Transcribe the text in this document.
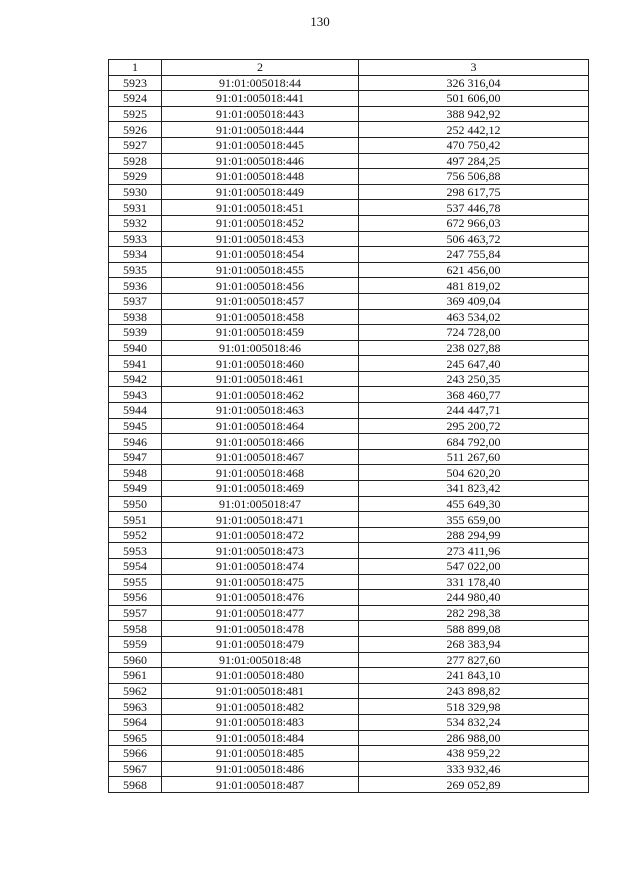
130
1	2	3
5923	91:01:005018:44	326 316,04
5924	91:01:005018:441	501 606,00
5925	91:01:005018:443	388 942,92
5926	91:01:005018:444	252 442,12
5927	91:01:005018:445	470 750,42
5928	91:01:005018:446	497 284,25
5929	91:01:005018:448	756 506,88
5930	91:01:005018:449	298 617,75
5931	91:01:005018:451	537 446,78
5932	91:01:005018:452	672 966,03
5933	91:01:005018:453	506 463,72
5934	91:01:005018:454	247 755,84
5935	91:01:005018:455	621 456,00
5936	91:01:005018:456	481 819,02
5937	91:01:005018:457	369 409,04
5938	91:01:005018:458	463 534,02
5939	91:01:005018:459	724 728,00
5940	91:01:005018:46	238 027,88
5941	91:01:005018:460	245 647,40
5942	91:01:005018:461	243 250,35
5943	91:01:005018:462	368 460,77
5944	91:01:005018:463	244 447,71
5945	91:01:005018:464	295 200,72
5946	91:01:005018:466	684 792,00
5947	91:01:005018:467	511 267,60
5948	91:01:005018:468	504 620,20
5949	91:01:005018:469	341 823,42
5950	91:01:005018:47	455 649,30
5951	91:01:005018:471	355 659,00
5952	91:01:005018:472	288 294,99
5953	91:01:005018:473	273 411,96
5954	91:01:005018:474	547 022,00
5955	91:01:005018:475	331 178,40
5956	91:01:005018:476	244 980,40
5957	91:01:005018:477	282 298,38
5958	91:01:005018:478	588 899,08
5959	91:01:005018:479	268 383,94
5960	91:01:005018:48	277 827,60
5961	91:01:005018:480	241 843,10
5962	91:01:005018:481	243 898,82
5963	91:01:005018:482	518 329,98
5964	91:01:005018:483	534 832,24
5965	91:01:005018:484	286 988,00
5966	91:01:005018:485	438 959,22
5967	91:01:005018:486	333 932,46
5968	91:01:005018:487	269 052,89
